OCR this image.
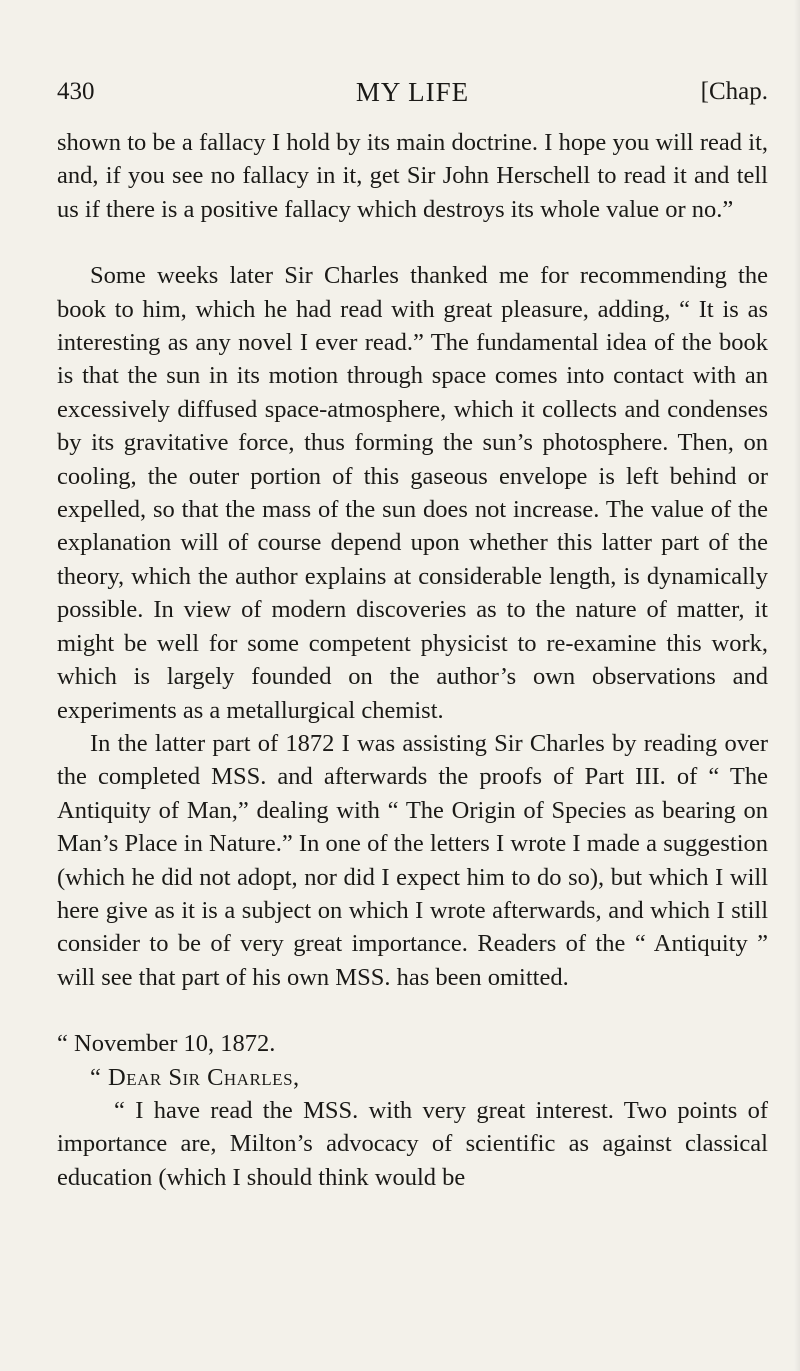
430	MY LIFE	[Chap.

shown to be a fallacy I hold by its main doctrine. I hope you will read it, and, if you see no fallacy in it, get Sir John Herschell to read it and tell us if there is a positive fallacy which destroys its whole value or no.”

Some weeks later Sir Charles thanked me for recommending the book to him, which he had read with great pleasure, adding, “ It is as interesting as any novel I ever read.” The fundamental idea of the book is that the sun in its motion through space comes into contact with an excessively diffused space-atmosphere, which it collects and condenses by its gravitative force, thus forming the sun’s photosphere. Then, on cooling, the outer portion of this gaseous envelope is left behind or expelled, so that the mass of the sun does not increase. The value of the explanation will of course depend upon whether this latter part of the theory, which the author explains at considerable length, is dynamically possible. In view of modern discoveries as to the nature of matter, it might be well for some competent physicist to re-examine this work, which is largely founded on the author’s own observations and experiments as a metallurgical chemist.

In the latter part of 1872 I was assisting Sir Charles by reading over the completed MSS. and afterwards the proofs of Part III. of “ The Antiquity of Man,” dealing with “ The Origin of Species as bearing on Man’s Place in Nature.” In one of the letters I wrote I made a suggestion (which he did not adopt, nor did I expect him to do so), but which I will here give as it is a subject on which I wrote afterwards, and which I still consider to be of very great importance. Readers of the “ Antiquity ” will see that part of his own MSS. has been omitted.

“ November 10, 1872.

“ Dear Sir Charles,

“ I have read the MSS. with very great interest. Two points of importance are, Milton’s advocacy of scientific as against classical education (which I should think would be
